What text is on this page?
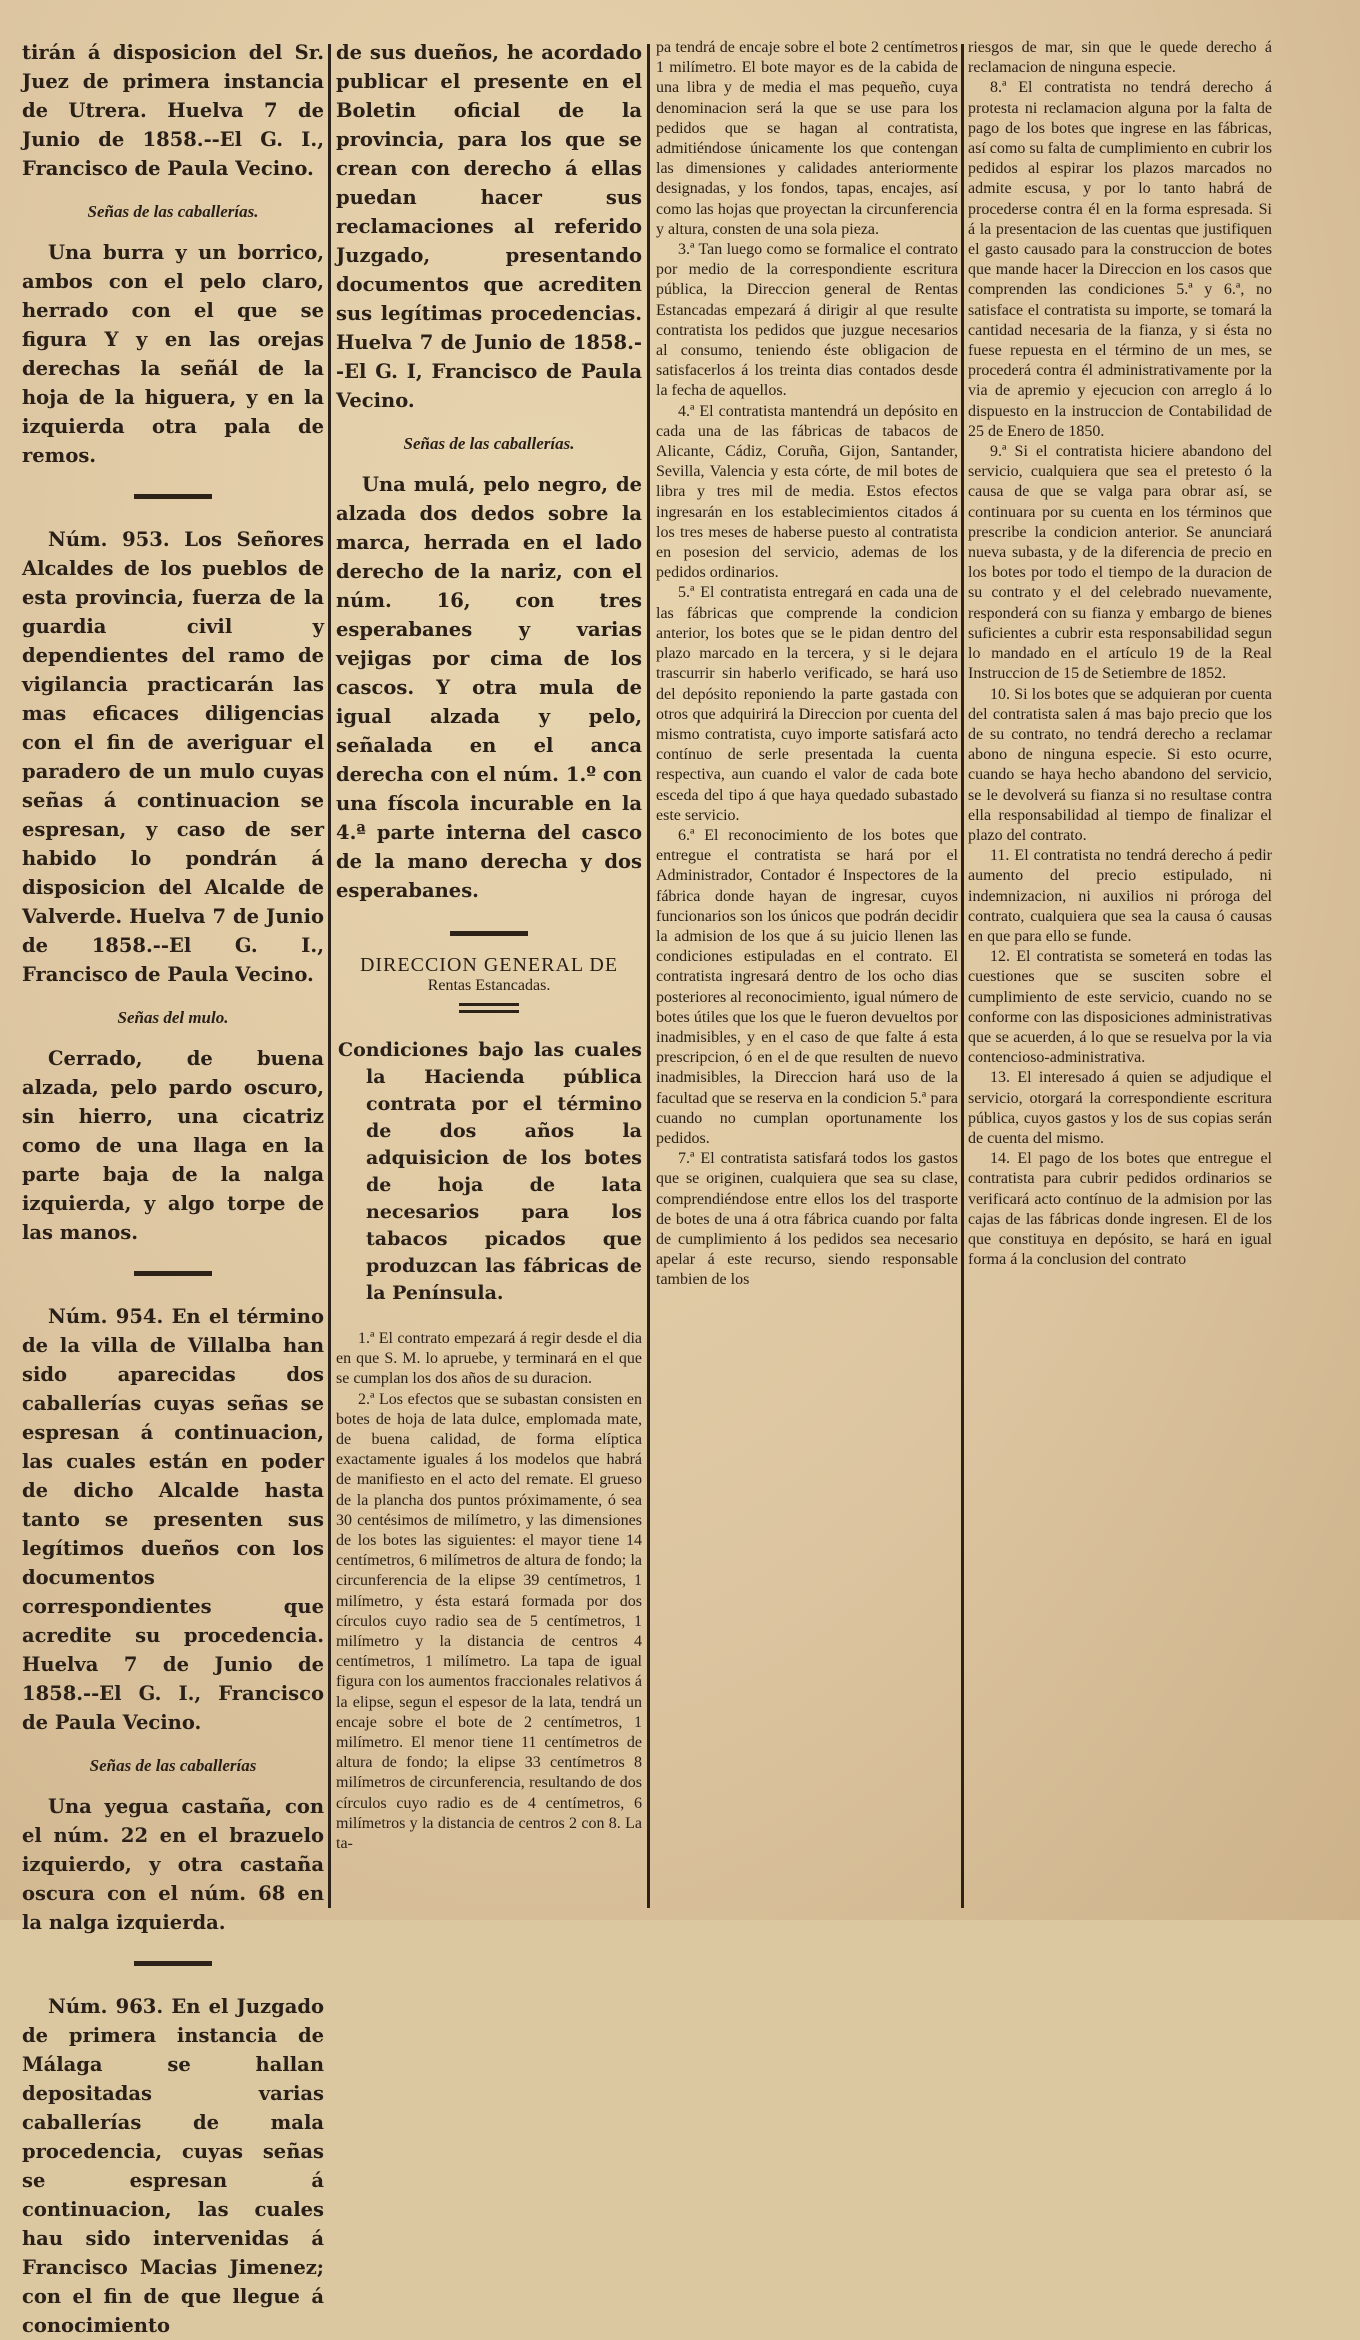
tirán á disposicion del Sr. Juez de primera instancia de Utrera. Huelva 7 de Junio de 1858.--El G. I., Francisco de Paula Vecino.

Señas de las caballerías.

Una burra y un borrico, ambos con el pelo claro, herrado con el que se figura Y y en las orejas derechas la señál de la hoja de la higuera, y en la izquierda otra pala de remos.

Núm. 953. Los Señores Alcaldes de los pueblos de esta provincia, fuerza de la guardia civil y dependientes del ramo de vigilancia practicarán las mas eficaces diligencias con el fin de averiguar el paradero de un mulo cuyas señas á continuacion se espresan, y caso de ser habido lo pondrán á disposicion del Alcalde de Valverde. Huelva 7 de Junio de 1858.--El G. I., Francisco de Paula Vecino.

Señas del mulo.

Cerrado, de buena alzada, pelo pardo oscuro, sin hierro, una cicatriz como de una llaga en la parte baja de la nalga izquierda, y algo torpe de las manos.

Núm. 954. En el término de la villa de Villalba han sido aparecidas dos caballerías cuyas señas se espresan á continuacion, las cuales están en poder de dicho Alcalde hasta tanto se presenten sus legítimos dueños con los documentos correspondientes que acredite su procedencia. Huelva 7 de Junio de 1858.--El G. I., Francisco de Paula Vecino.

Señas de las caballerías

Una yegua castaña, con el núm. 22 en el brazuelo izquierdo, y otra castaña oscura con el núm. 68 en la nalga izquierda.

Núm. 963. En el Juzgado de primera instancia de Málaga se hallan depositadas varias caballerías de mala procedencia, cuyas señas se espresan á continuacion, las cuales hau sido intervenidas á Francisco Macias Jimenez; con el fin de que llegue á conocimiento

de sus dueños, he acordado publicar el presente en el Boletin oficial de la provincia, para los que se crean con derecho á ellas puedan hacer sus reclamaciones al referido Juzgado, presentando documentos que acrediten sus legítimas procedencias. Huelva 7 de Junio de 1858.--El G. I, Francisco de Paula Vecino.

Señas de las caballerías.

Una mulá, pelo negro, de alzada dos dedos sobre la marca, herrada en el lado derecho de la nariz, con el núm. 16, con tres esperabanes y varias vejigas por cima de los cascos. Y otra mula de igual alzada y pelo, señalada en el anca derecha con el núm. 1.º con una físcola incurable en la 4.ª parte interna del casco de la mano derecha y dos esperabanes.

DIRECCION GENERAL DE
Rentas Estancadas.

Condiciones bajo las cuales la Hacienda pública contrata por el término de dos años la adquisicion de los botes de hoja de lata necesarios para los tabacos picados que produzcan las fábricas de la Península.

1.ª El contrato empezará á regir desde el dia en que S. M. lo apruebe, y terminará en el que se cumplan los dos años de su duracion.

2.ª Los efectos que se subastan consisten en botes de hoja de lata dulce, emplomada mate, de buena calidad, de forma elíptica exactamente iguales á los modelos que habrá de manifiesto en el acto del remate. El grueso de la plancha dos puntos próximamente, ó sea 30 centésimos de milímetro, y las dimensiones de los botes las siguientes: el mayor tiene 14 centímetros, 6 milímetros de altura de fondo; la circunferencia de la elipse 39 centímetros, 1 milímetro, y ésta estará formada por dos círculos cuyo radio sea de 5 centímetros, 1 milímetro y la distancia de centros 4 centímetros, 1 milímetro. La tapa de igual figura con los aumentos fraccionales relativos á la elipse, segun el espesor de la lata, tendrá un encaje sobre el bote de 2 centímetros, 1 milímetro. El menor tiene 11 centímetros de altura de fondo; la elipse 33 centímetros 8 milímetros de circunferencia, resultando de dos círculos cuyo radio es de 4 centímetros, 6 milímetros y la distancia de centros 2 con 8. La ta-

pa tendrá de encaje sobre el bote 2 centímetros 1 milímetro. El bote mayor es de la cabida de una libra y de media el mas pequeño, cuya denominacion será la que se use para los pedidos que se hagan al contratista, admitiéndose únicamente los que contengan las dimensiones y calidades anteriormente designadas, y los fondos, tapas, encajes, así como las hojas que proyectan la circunferencia y altura, consten de una sola pieza.

3.ª Tan luego como se formalice el contrato por medio de la correspondiente escritura pública, la Direccion general de Rentas Estancadas empezará á dirigir al que resulte contratista los pedidos que juzgue necesarios al consumo, teniendo éste obligacion de satisfacerlos á los treinta dias contados desde la fecha de aquellos.

4.ª El contratista mantendrá un depósito en cada una de las fábricas de tabacos de Alicante, Cádiz, Coruña, Gijon, Santander, Sevilla, Valencia y esta córte, de mil botes de libra y tres mil de media. Estos efectos ingresarán en los establecimientos citados á los tres meses de haberse puesto al contratista en posesion del servicio, ademas de los pedidos ordinarios.

5.ª El contratista entregará en cada una de las fábricas que comprende la condicion anterior, los botes que se le pidan dentro del plazo marcado en la tercera, y si le dejara trascurrir sin haberlo verificado, se hará uso del depósito reponiendo la parte gastada con otros que adquirirá la Direccion por cuenta del mismo contratista, cuyo importe satisfará acto contínuo de serle presentada la cuenta respectiva, aun cuando el valor de cada bote esceda del tipo á que haya quedado subastado este servicio.

6.ª El reconocimiento de los botes que entregue el contratista se hará por el Administrador, Contador é Inspectores de la fábrica donde hayan de ingresar, cuyos funcionarios son los únicos que podrán decidir la admision de los que á su juicio llenen las condiciones estipuladas en el contrato. El contratista ingresará dentro de los ocho dias posteriores al reconocimiento, igual número de botes útiles que los que le fueron devueltos por inadmisibles, y en el caso de que falte á esta prescripcion, ó en el de que resulten de nuevo inadmisibles, la Direccion hará uso de la facultad que se reserva en la condicion 5.ª para cuando no cumplan oportunamente los pedidos.

7.ª El contratista satisfará todos los gastos que se originen, cualquiera que sea su clase, comprendiéndose entre ellos los del trasporte de botes de una á otra fábrica cuando por falta de cumplimiento á los pedidos sea necesario apelar á este recurso, siendo responsable tambien de los

riesgos de mar, sin que le quede derecho á reclamacion de ninguna especie.

8.ª El contratista no tendrá derecho á protesta ni reclamacion alguna por la falta de pago de los botes que ingrese en las fábricas, así como su falta de cumplimiento en cubrir los pedidos al espirar los plazos marcados no admite escusa, y por lo tanto habrá de procederse contra él en la forma espresada. Si á la presentacion de las cuentas que justifiquen el gasto causado para la construccion de botes que mande hacer la Direccion en los casos que comprenden las condiciones 5.ª y 6.ª, no satisface el contratista su importe, se tomará la cantidad necesaria de la fianza, y si ésta no fuese repuesta en el término de un mes, se procederá contra él administrativamente por la via de apremio y ejecucion con arreglo á lo dispuesto en la instruccion de Contabilidad de 25 de Enero de 1850.

9.ª Si el contratista hiciere abandono del servicio, cualquiera que sea el pretesto ó la causa de que se valga para obrar así, se continuara por su cuenta en los términos que prescribe la condicion anterior. Se anunciará nueva subasta, y de la diferencia de precio en los botes por todo el tiempo de la duracion de su contrato y el del celebrado nuevamente, responderá con su fianza y embargo de bienes suficientes a cubrir esta responsabilidad segun lo mandado en el artículo 19 de la Real Instruccion de 15 de Setiembre de 1852.

10. Si los botes que se adquieran por cuenta del contratista salen á mas bajo precio que los de su contrato, no tendrá derecho a reclamar abono de ninguna especie. Si esto ocurre, cuando se haya hecho abandono del servicio, se le devolverá su fianza si no resultase contra ella responsabilidad al tiempo de finalizar el plazo del contrato.

11. El contratista no tendrá derecho á pedir aumento del precio estipulado, ni indemnizacion, ni auxilios ni prórogа del contrato, cualquiera que sea la causa ó causas en que para ello se funde.

12. El contratista se someterá en todas las cuestiones que se susciten sobre el cumplimiento de este servicio, cuando no se conforme con las disposiciones administrativas que se acuerden, á lo que se resuelva por la via contencioso-administrativa.

13. El interesado á quien se adjudique el servicio, otorgará la correspondiente escritura pública, cuyos gastos y los de sus copias serán de cuenta del mismo.

14. El pago de los botes que entregue el contratista para cubrir pedidos ordinarios se verificará acto contínuo de la admision por las cajas de las fábricas donde ingresen. El de los que constituya en depósito, se hará en igual forma á la conclusion del contrato
